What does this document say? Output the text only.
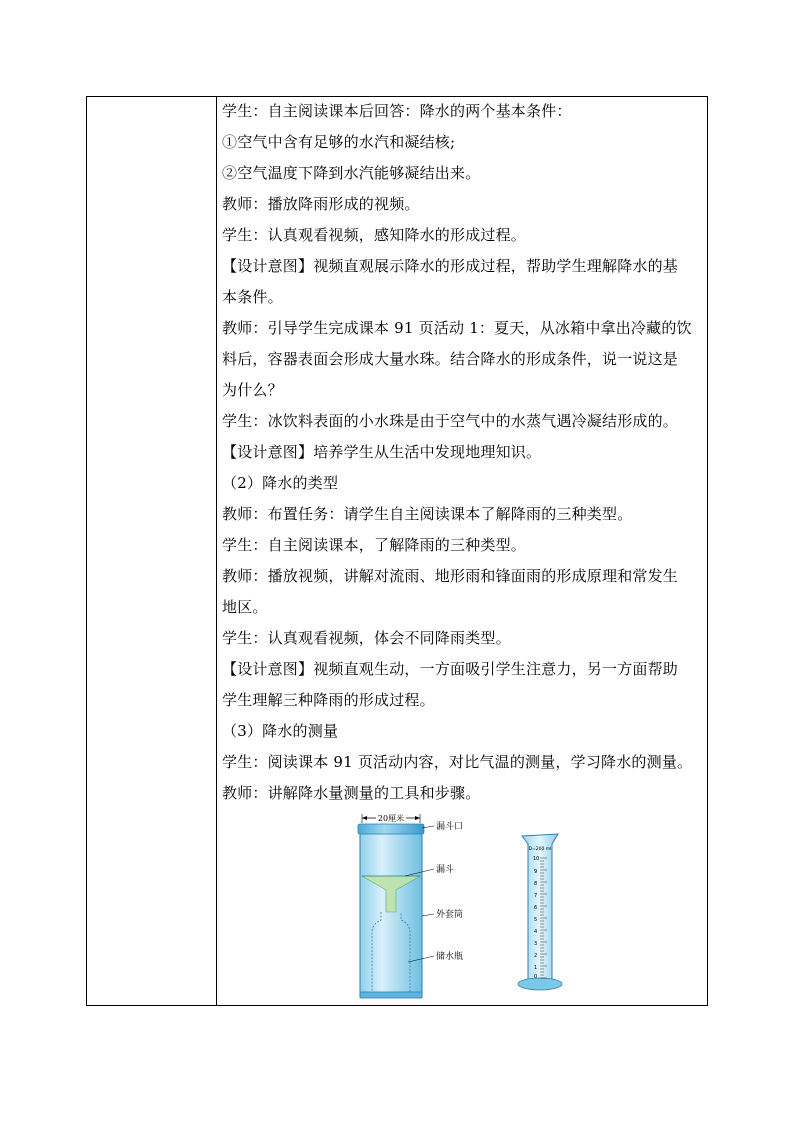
学生：自主阅读课本后回答：降水的两个基本条件：
①空气中含有足够的水汽和凝结核;
②空气温度下降到水汽能够凝结出来。
教师：播放降雨形成的视频。
学生：认真观看视频，感知降水的形成过程。
【设计意图】视频直观展示降水的形成过程，帮助学生理解降水的基
本条件。
教师：引导学生完成课本 91 页活动 1：夏天，从冰箱中拿出冷藏的饮
料后，容器表面会形成大量水珠。结合降水的形成条件，说一说这是
为什么？
学生：冰饮料表面的小水珠是由于空气中的水蒸气遇冷凝结形成的。
【设计意图】培养学生从生活中发现地理知识。
（2）降水的类型
教师：布置任务：请学生自主阅读课本了解降雨的三种类型。
学生：自主阅读课本，了解降雨的三种类型。
教师：播放视频，讲解对流雨、地形雨和锋面雨的形成原理和常发生
地区。
学生：认真观看视频，体会不同降雨类型。
【设计意图】视频直观生动，一方面吸引学生注意力，另一方面帮助
学生理解三种降雨的形成过程。
（3）降水的测量
学生：阅读课本 91 页活动内容，对比气温的测量，学习降水的测量。
教师：讲解降水量测量的工具和步骤。
20厘米
漏斗口
漏斗
外套筒
储水瓶
D=200 ml
10
9
8
7
6
5
4
3
2
1
0
